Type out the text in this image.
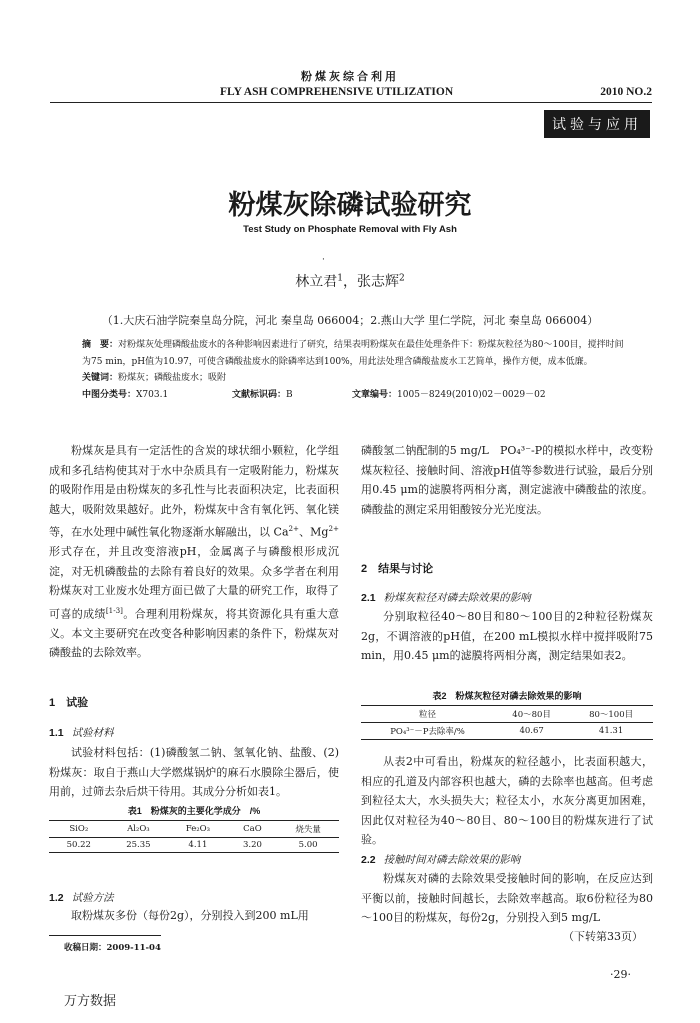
粉煤灰综合利用
FLY ASH COMPREHENSIVE UTILIZATION	2010 NO.2
试验与应用
粉煤灰除磷试验研究
Test Study on Phosphate Removal with Fly Ash
·
林立君$^1$，张志辉$^2$
（1.大庆石油学院秦皇岛分院，河北 秦皇岛 066004；2.燕山大学 里仁学院，河北 秦皇岛 066004）
摘　要：对粉煤灰处理磷酸盐废水的各种影响因素进行了研究，结果表明粉煤灰在最佳处理条件下：粉煤灰粒径为80～100目，搅拌时间为75 min，pH值为10.97，可使含磷酸盐废水的除磷率达到100%，用此法处理含磷酸盐废水工艺简单，操作方便，成本低廉。
关键词：粉煤灰；磷酸盐废水；吸附
中图分类号：X703.1	文献标识码：B	文章编号：1005－8249(2010)02－0029－02

粉煤灰是具有一定活性的含炭的球状细小颗粒，化学组成和多孔结构使其对于水中杂质具有一定吸附能力，粉煤灰的吸附作用是由粉煤灰的多孔性与比表面积决定，比表面积越大，吸附效果越好。此外，粉煤灰中含有氧化钙、氧化镁等，在水处理中碱性氧化物逐渐水解融出，以 $Ca^{2+}$、$Mg^{2+}$ 形式存在，并且改变溶液pH，金属离子与磷酸根形成沉淀，对无机磷酸盐的去除有着良好的效果。众多学者在利用粉煤灰对工业废水处理方面已做了大量的研究工作，取得了可喜的成绩[1-3]。合理利用粉煤灰，将其资源化具有重大意义。本文主要研究在改变各种影响因素的条件下，粉煤灰对磷酸盐的去除效率。

1　试验
1.1 试验材料

试验材料包括：(1)磷酸氢二钠、氢氧化钠、盐酸、(2)粉煤灰：取自于燕山大学燃煤锅炉的麻石水膜除尘器后，使用前，过筛去杂后烘干待用。其成分分析如表1。

表1　粉煤灰的主要化学成分　/%
SiO₂	Al₂O₃	Fe₂O₃	CaO	烧失量
50.22	25.35	4.11	3.20	5.00
1.2 试验方法

取粉煤灰多份（每份2g），分别投入到200 mL用

收稿日期：2009-11-04

磷酸氢二钠配制的5 mg/L　PO₄³⁻-P的模拟水样中，改变粉煤灰粒径、接触时间、溶液pH值等参数进行试验，最后分别用0.45 μm的滤膜将两相分离，测定滤液中磷酸盐的浓度。磷酸盐的测定采用钼酸铵分光光度法。

2　结果与讨论
2.1 粉煤灰粒径对磷去除效果的影响

分别取粒径40～80目和80～100目的2种粒径粉煤灰2g，不调溶液的pH值，在200 mL模拟水样中搅拌吸附75 min，用0.45 μm的滤膜将两相分离，测定结果如表2。

表2　粉煤灰粒径对磷去除效果的影响
粒径	40～80目	80～100目
PO₄³⁻－P去除率/%	40.67	41.31

从表2中可看出，粉煤灰的粒径越小，比表面积越大，相应的孔道及内部容积也越大，磷的去除率也越高。但考虑到粒径太大，水头损失大；粒径太小，水灰分离更加困难，因此仅对粒径为40～80目、80～100目的粉煤灰进行了试验。

2.2 接触时间对磷去除效果的影响

粉煤灰对磷的去除效果受接触时间的影响，在反应达到平衡以前，接触时间越长，去除效率越高。取6份粒径为80～100目的粉煤灰，每份2g，分别投入到5 mg/L

（下转第33页）
·29·
万方数据
